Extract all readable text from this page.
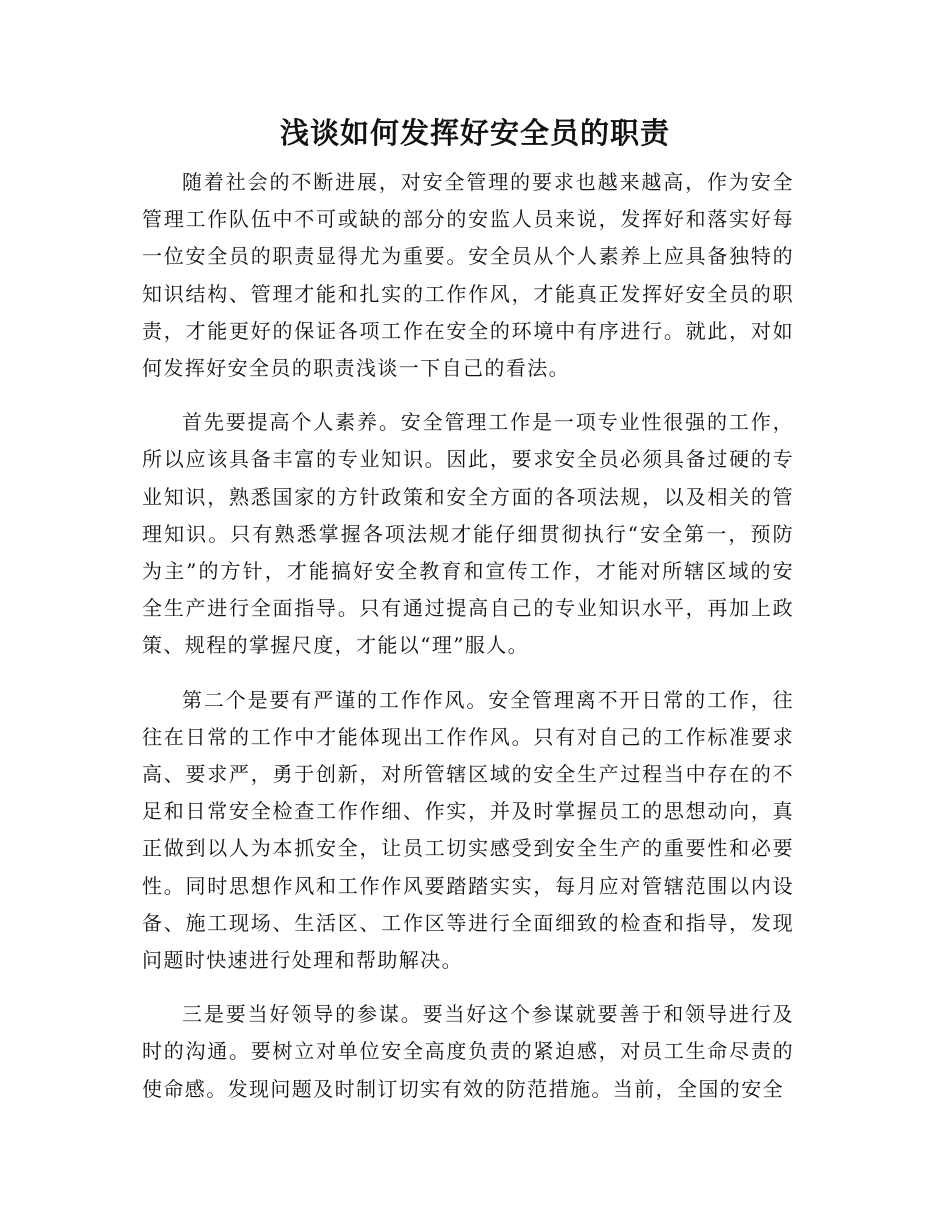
浅谈如何发挥好安全员的职责

随着社会的不断进展，对安全管理的要求也越来越高，作为安全管理工作队伍中不可或缺的部分的安监人员来说，发挥好和落实好每一位安全员的职责显得尤为重要。安全员从个人素养上应具备独特的知识结构、管理才能和扎实的工作作风，才能真正发挥好安全员的职责，才能更好的保证各项工作在安全的环境中有序进行。就此，对如何发挥好安全员的职责浅谈一下自己的看法。

首先要提高个人素养。安全管理工作是一项专业性很强的工作，所以应该具备丰富的专业知识。因此，要求安全员必须具备过硬的专业知识，熟悉国家的方针政策和安全方面的各项法规，以及相关的管理知识。只有熟悉掌握各项法规才能仔细贯彻执行“安全第一，预防为主”的方针，才能搞好安全教育和宣传工作，才能对所辖区域的安全生产进行全面指导。只有通过提高自己的专业知识水平，再加上政策、规程的掌握尺度，才能以“理”服人。

第二个是要有严谨的工作作风。安全管理离不开日常的工作，往往在日常的工作中才能体现出工作作风。只有对自己的工作标准要求高、要求严，勇于创新，对所管辖区域的安全生产过程当中存在的不足和日常安全检查工作作细、作实，并及时掌握员工的思想动向，真正做到以人为本抓安全，让员工切实感受到安全生产的重要性和必要性。同时思想作风和工作作风要踏踏实实，每月应对管辖范围以内设备、施工现场、生活区、工作区等进行全面细致的检查和指导，发现问题时快速进行处理和帮助解决。

三是要当好领导的参谋。要当好这个参谋就要善于和领导进行及时的沟通。要树立对单位安全高度负责的紧迫感，对员工生命尽责的使命感。发现问题及时制订切实有效的防范措施。当前，全国的安全
